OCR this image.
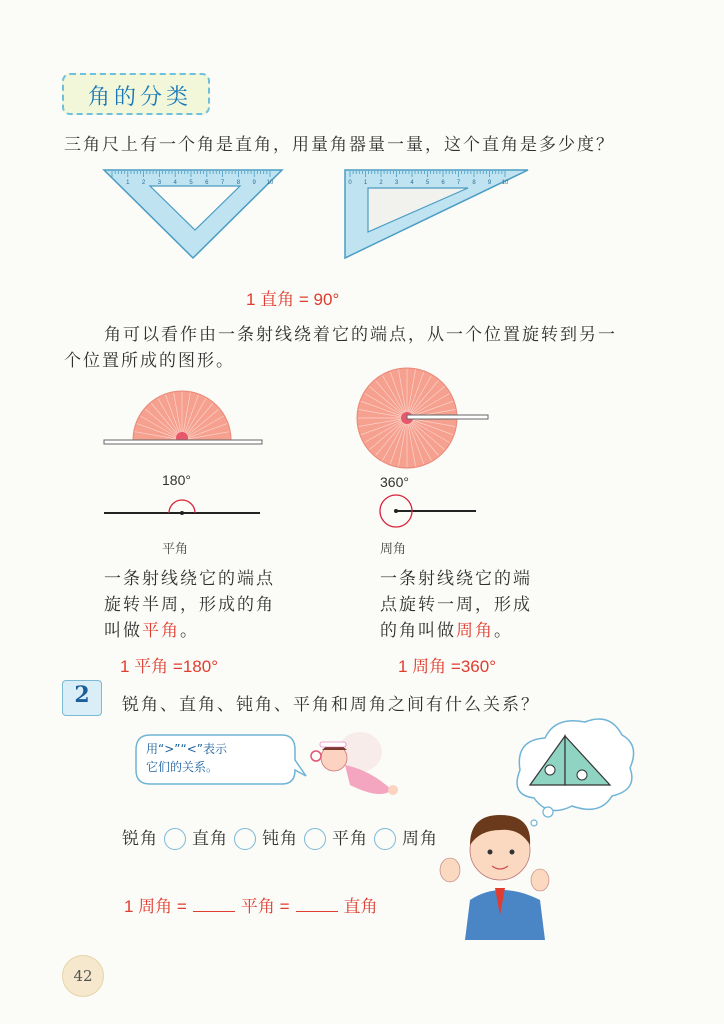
角的分类
三角尺上有一个角是直角，用量角器量一量，这个直角是多少度？
1 2 3 4 5 6 7 8 9 10	0 1 2 3 4 5 6 7 8 9 10
1 直角 = 90°
角可以看作由一条射线绕着它的端点，从一个位置旋转到另一
个位置所成的图形。
180°	360°
平角	周角
一条射线绕它的端点
旋转半周，形成的角
叫做平角。
一条射线绕它的端
点旋转一周，形成
的角叫做周角。
1 平角 =180°	1 周角 =360°
2	锐角、直角、钝角、平角和周角之间有什么关系？
用“>”“<”表示
它们的关系。
锐角 直角 钝角 平角 周角
1 周角 =	平角 =	直角
42
